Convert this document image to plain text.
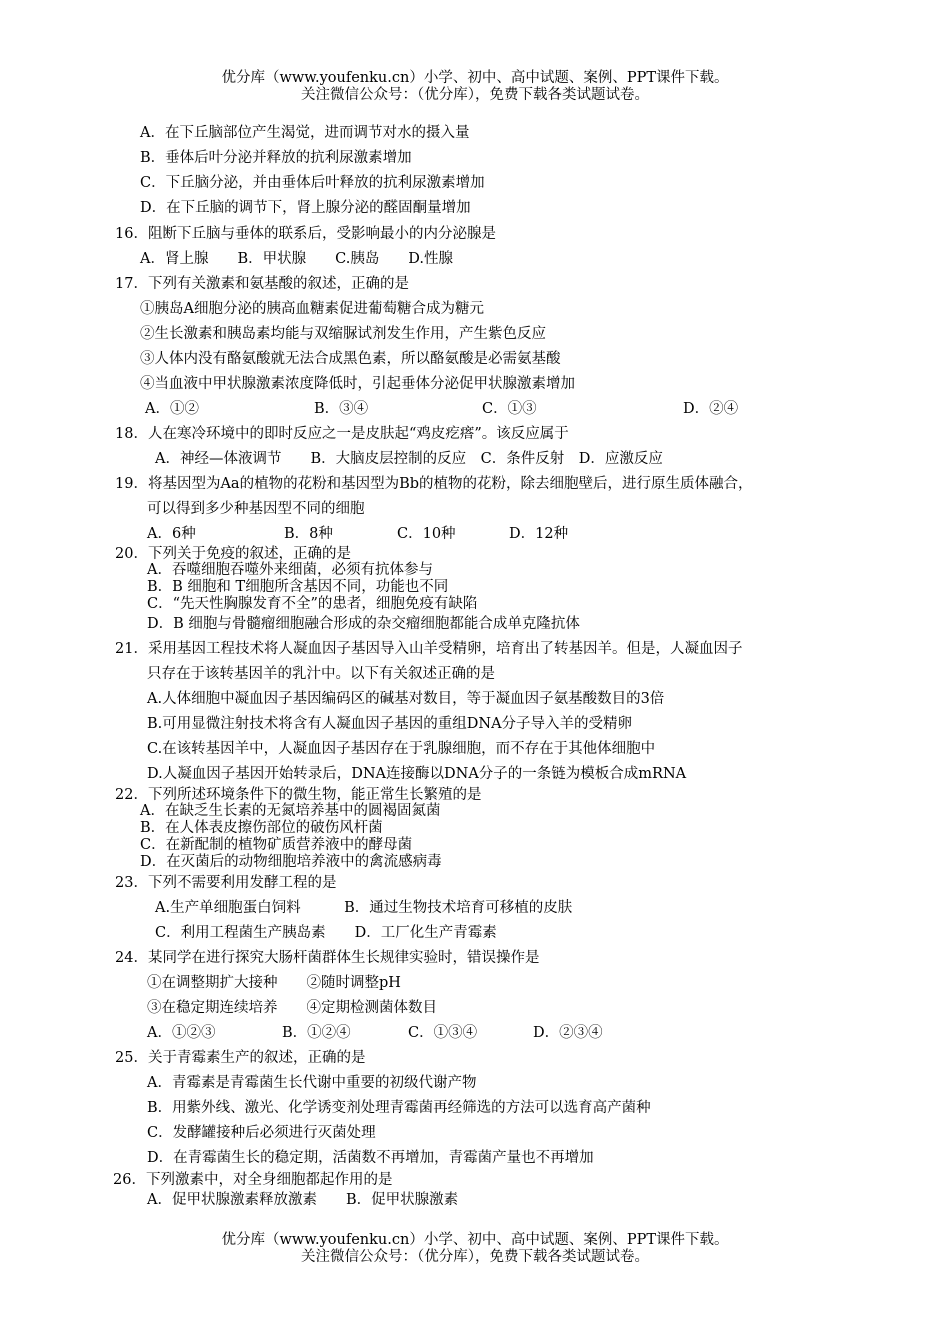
优分库（www.youfenku.cn）小学、初中、高中试题、案例、PPT课件下载。
关注微信公众号：（优分库），免费下载各类试题试卷。
A．在下丘脑部位产生渴觉，进而调节对水的摄入量
B．垂体后叶分泌并释放的抗利尿激素增加
C．下丘脑分泌，并由垂体后叶释放的抗利尿激素增加
D．在下丘脑的调节下，肾上腺分泌的醛固酮量增加
16．阻断下丘脑与垂体的联系后，受影响最小的内分泌腺是
A．肾上腺　　B．甲状腺　　C.胰岛　　D.性腺
17．下列有关激素和氨基酸的叙述，正确的是
①胰岛A细胞分泌的胰高血糖素促进葡萄糖合成为糖元
②生长激素和胰岛素均能与双缩脲试剂发生作用，产生紫色反应
③人体内没有酪氨酸就无法合成黑色素，所以酪氨酸是必需氨基酸
④当血液中甲状腺激素浓度降低时，引起垂体分泌促甲状腺激素增加
A．①②	B．③④	C．①③	D．②④
18．人在寒冷环境中的即时反应之一是皮肤起“鸡皮疙瘩”。该反应属于
A．神经—体液调节　　B．大脑皮层控制的反应　C．条件反射　D．应激反应
19．将基因型为Aa的植物的花粉和基因型为Bb的植物的花粉，除去细胞壁后，进行原生质体融合，
可以得到多少种基因型不同的细胞
A．6种	B．8种	C．10种	D．12种
20．下列关于免疫的叙述，正确的是
A．吞噬细胞吞噬外来细菌，必须有抗体参与
B．B 细胞和 T细胞所含基因不同，功能也不同
C．“先天性胸腺发育不全”的患者，细胞免疫有缺陷
D．B 细胞与骨髓瘤细胞融合形成的杂交瘤细胞都能合成单克隆抗体
21．采用基因工程技术将人凝血因子基因导入山羊受精卵，培育出了转基因羊。但是，人凝血因子
只存在于该转基因羊的乳汁中。以下有关叙述正确的是
A.人体细胞中凝血因子基因编码区的碱基对数目，等于凝血因子氨基酸数目的3倍
B.可用显微注射技术将含有人凝血因子基因的重组DNA分子导入羊的受精卵
C.在该转基因羊中，人凝血因子基因存在于乳腺细胞，而不存在于其他体细胞中
D.人凝血因子基因开始转录后，DNA连接酶以DNA分子的一条链为模板合成mRNA
22．下列所述环境条件下的微生物，能正常生长繁殖的是
A．在缺乏生长素的无氮培养基中的圆褐固氮菌
B．在人体表皮擦伤部位的破伤风杆菌
C．在新配制的植物矿质营养液中的酵母菌
D．在灭菌后的动物细胞培养液中的禽流感病毒
23．下列不需要利用发酵工程的是
A.生产单细胞蛋白饲料　　　B．通过生物技术培育可移植的皮肤
C．利用工程菌生产胰岛素　　D．工厂化生产青霉素
24．某同学在进行探究大肠杆菌群体生长规律实验时，错误操作是
①在调整期扩大接种　　②随时调整pH
③在稳定期连续培养　　④定期检测菌体数目
A．①②③	B．①②④	C．①③④	D．②③④
25．关于青霉素生产的叙述，正确的是
A．青霉素是青霉菌生长代谢中重要的初级代谢产物
B．用紫外线、激光、化学诱变剂处理青霉菌再经筛选的方法可以选育高产菌种
C．发酵罐接种后必须进行灭菌处理
D．在青霉菌生长的稳定期，活菌数不再增加，青霉菌产量也不再增加
26．下列激素中，对全身细胞都起作用的是
A．促甲状腺激素释放激素　　B．促甲状腺激素
优分库（www.youfenku.cn）小学、初中、高中试题、案例、PPT课件下载。
关注微信公众号：（优分库），免费下载各类试题试卷。
